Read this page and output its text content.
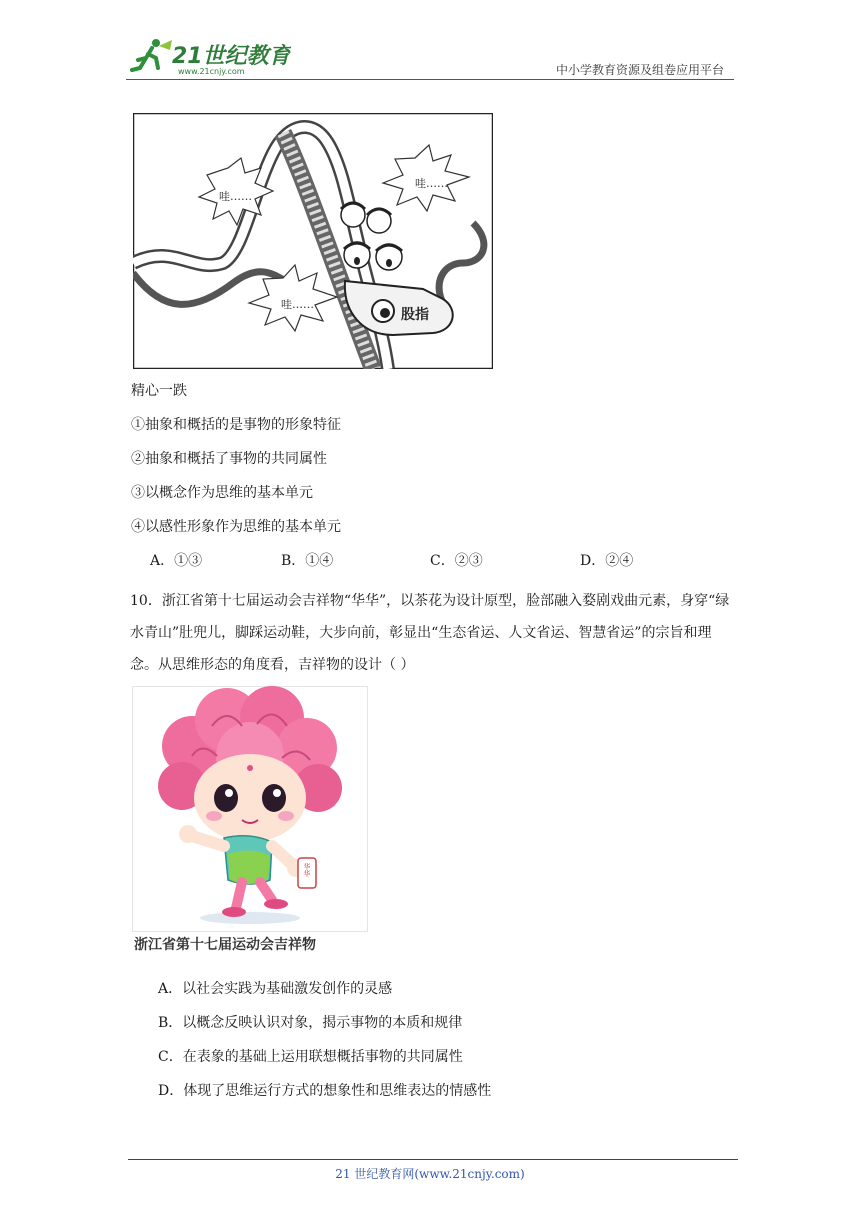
21世纪教育
www.21cnjy.com	中小学教育资源及组卷应用平台
哇……
哇……
哇……
股指
精心一跌
①抽象和概括的是事物的形象特征
②抽象和概括了事物的共同属性
③以概念作为思维的基本单元
④以感性形象作为思维的基本单元
A．①③	B．①④	C．②③	D．②④
10．浙江省第十七届运动会吉祥物“华华”，以茶花为设计原型，脸部融入婺剧戏曲元素，身穿“绿水青山”肚兜儿，脚踩运动鞋，大步向前，彰显出“生态省运、人文省运、智慧省运”的宗旨和理念。从思维形态的角度看，吉祥物的设计（ ）
华华
浙江省第十七届运动会吉祥物
A．以社会实践为基础激发创作的灵感
B．以概念反映认识对象，揭示事物的本质和规律
C．在表象的基础上运用联想概括事物的共同属性
D．体现了思维运行方式的想象性和思维表达的情感性
21 世纪教育网(www.21cnjy.com)
